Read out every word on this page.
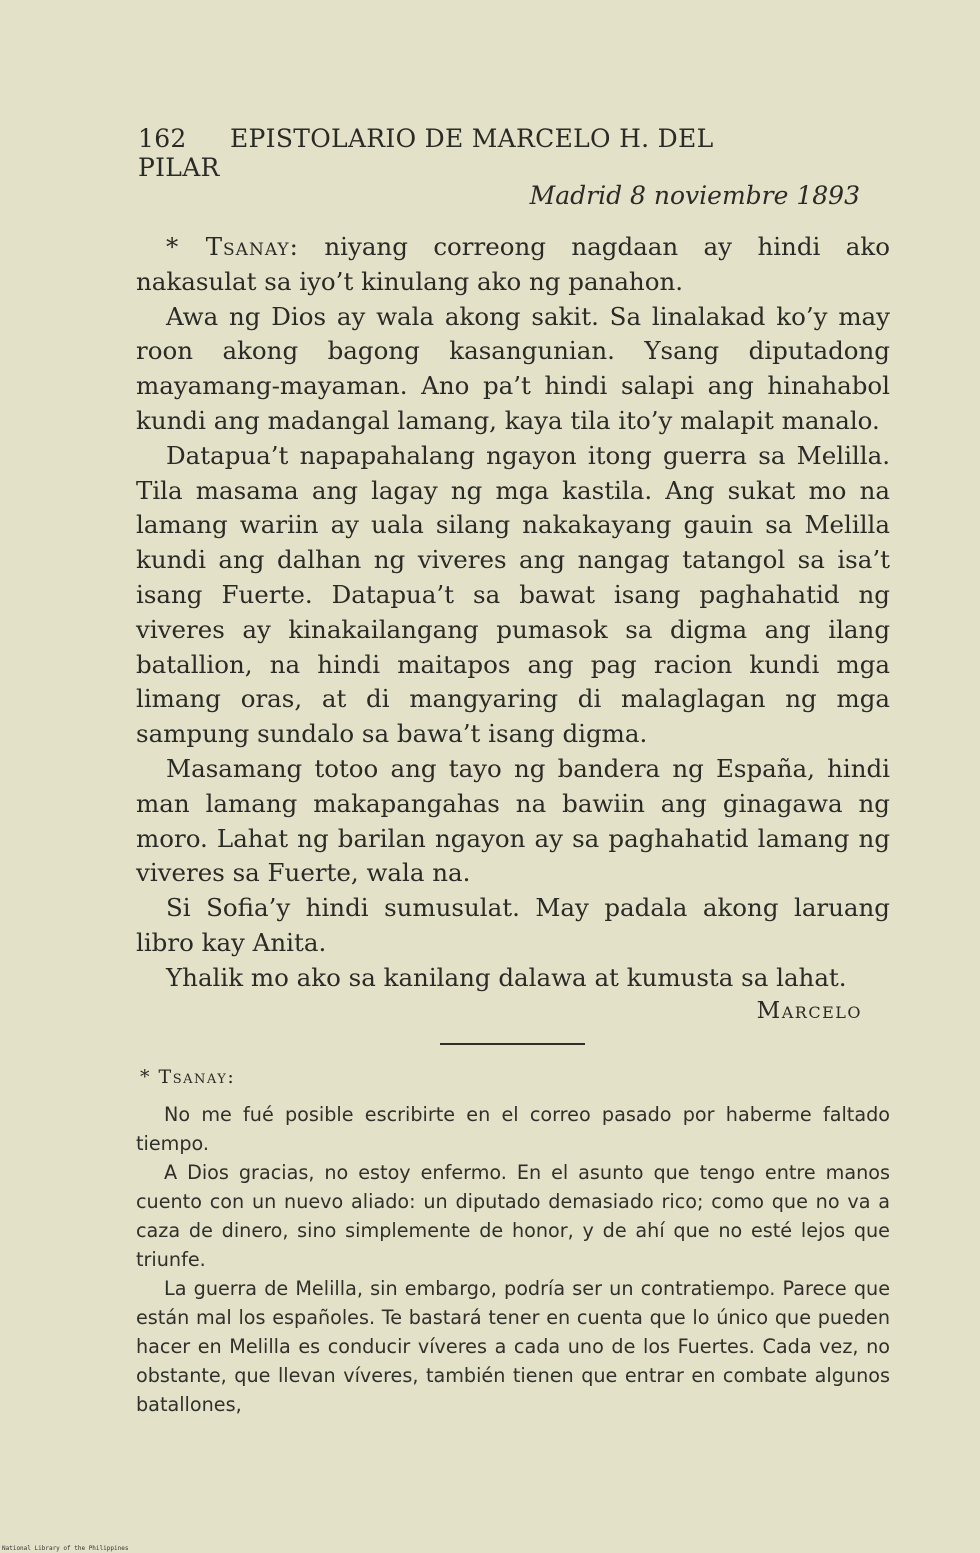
162 EPISTOLARIO DE MARCELO H. DEL PILAR
Madrid 8 noviembre 1893

* Tsanay: niyang correong nagdaan ay hindi ako nakasulat sa iyo’t kinulang ako ng panahon.

Awa ng Dios ay wala akong sakit. Sa linalakad ko’y may roon akong bagong kasangunian. Ysang diputadong mayamang-mayaman. Ano pa’t hindi salapi ang hinahabol kundi ang madangal lamang, kaya tila ito’y malapit manalo.

Datapua’t napapahalang ngayon itong guerra sa Melilla. Tila masama ang lagay ng mga kastila. Ang sukat mo na lamang wariin ay uala silang nakakayang gauin sa Melilla kundi ang dalhan ng viveres ang nangag tatangol sa isa’t isang Fuerte. Datapua’t sa bawat isang paghahatid ng viveres ay kinakailangang pumasok sa digma ang ilang batallion, na hindi maitapos ang pag racion kundi mga limang oras, at di mangyaring di malaglagan ng mga sampung sundalo sa bawa’t isang digma.

Masamang totoo ang tayo ng bandera ng España, hindi man lamang makapangahas na bawiin ang ginagawa ng moro. Lahat ng barilan ngayon ay sa paghahatid lamang ng viveres sa Fuerte, wala na.

Si Sofia’y hindi sumusulat. May padala akong laruang libro kay Anita.

Yhalik mo ako sa kanilang dalawa at kumusta sa lahat.

Marcelo
* Tsanay:

No me fué posible escribirte en el correo pasado por haberme faltado tiempo.

A Dios gracias, no estoy enfermo. En el asunto que tengo entre manos cuento con un nuevo aliado: un diputado demasiado rico; como que no va a caza de dinero, sino simplemente de honor, y de ahí que no esté lejos que triunfe.

La guerra de Melilla, sin embargo, podría ser un contratiempo. Parece que están mal los españoles. Te bastará tener en cuenta que lo único que pueden hacer en Melilla es conducir víveres a cada uno de los Fuertes. Cada vez, no obstante, que llevan víveres, también tienen que entrar en combate algunos batallones,

National Library of the Philippines
